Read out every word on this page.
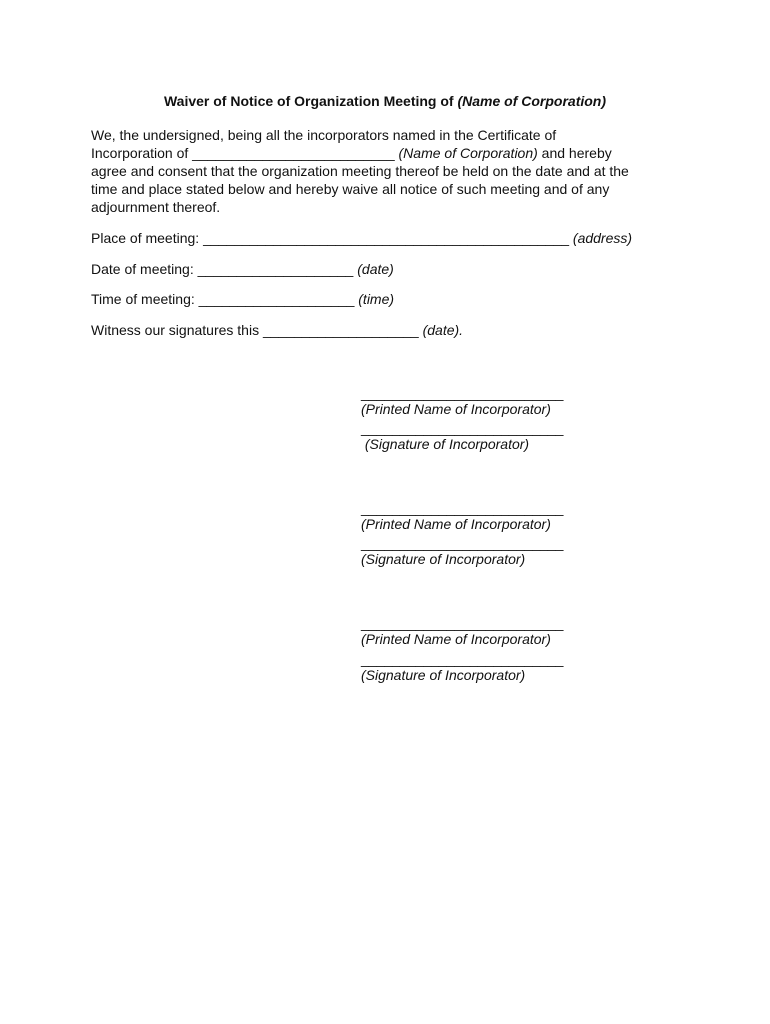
Waiver of Notice of Organization Meeting of (Name of Corporation)
We, the undersigned, being all the incorporators named in the Certificate of
Incorporation of __________________________ (Name of Corporation) and hereby
agree and consent that the organization meeting thereof be held on the date and at the
time and place stated below and hereby waive all notice of such meeting and of any
adjournment thereof.
Place of meeting: _______________________________________________ (address)
Date of meeting: ____________________ (date)
Time of meeting: ____________________ (time)
Witness our signatures this ____________________ (date).
__________________________
(Printed Name of Incorporator)
__________________________
(Signature of Incorporator)
__________________________
(Printed Name of Incorporator)
__________________________
(Signature of Incorporator)
__________________________
(Printed Name of Incorporator)
__________________________
(Signature of Incorporator)
